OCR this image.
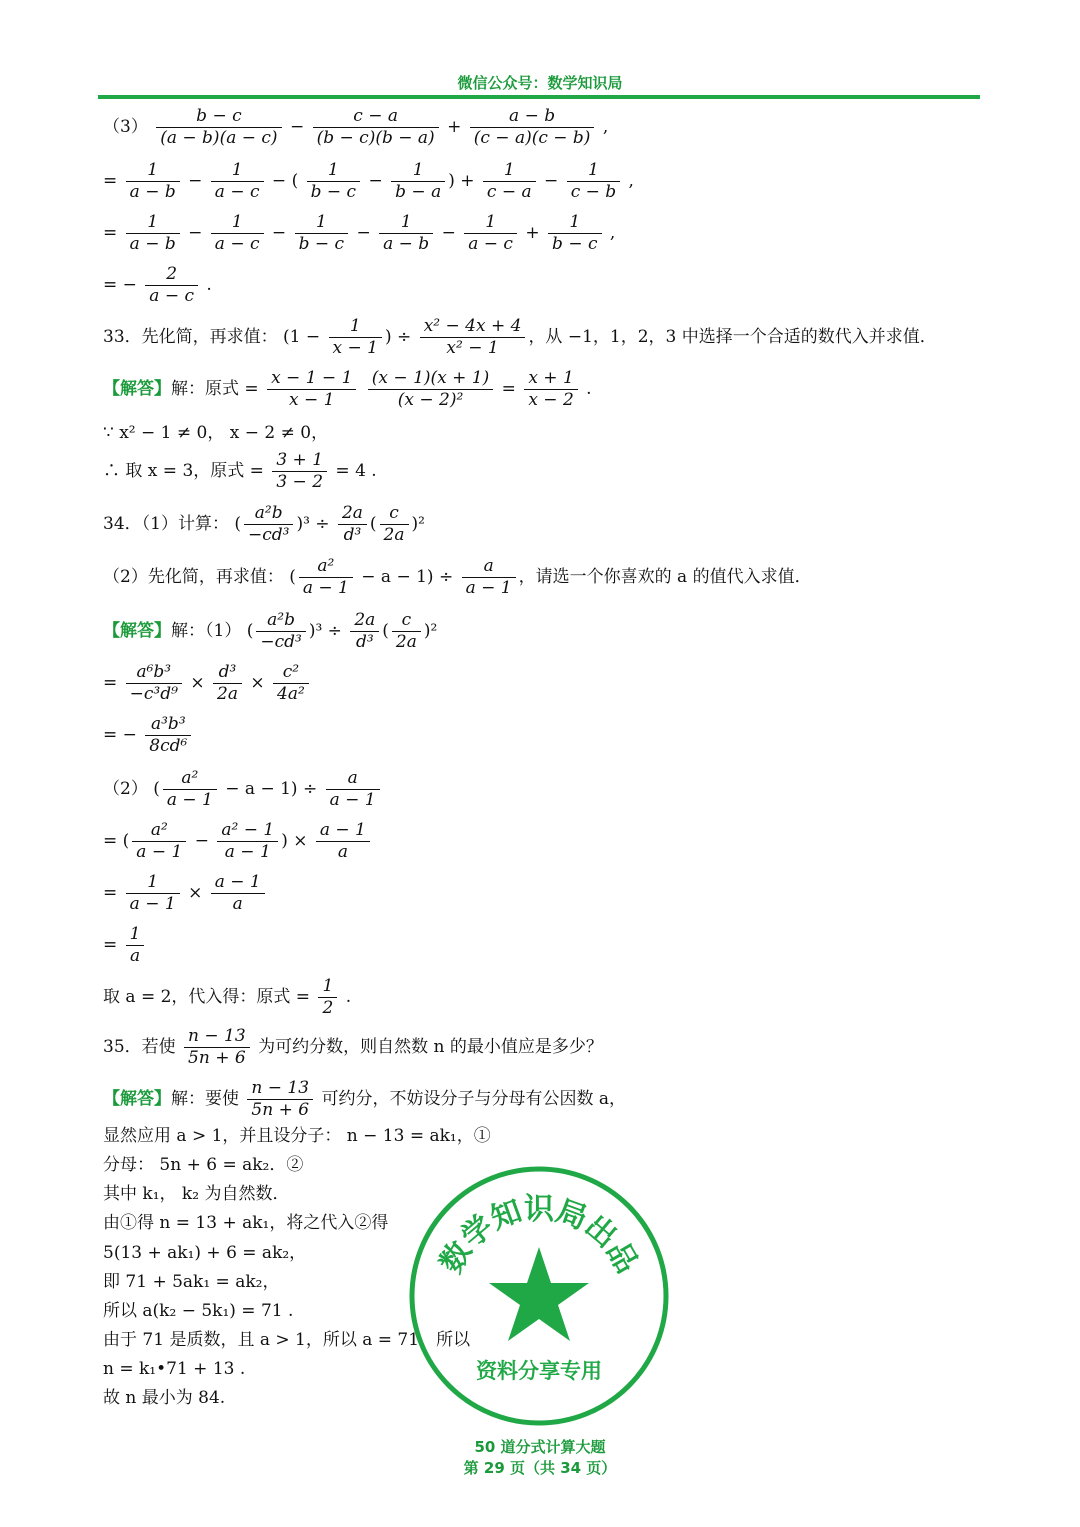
微信公众号：数学知识局
$(3) \frac{b - c}{(a - b)(a - c)} - \frac{c - a}{(b - c)(b - a)} + \frac{a - b}{(c - a)(c - b)}$ ,
= $\frac{1}{a - b} - \frac{1}{a - c}$ − ( $\frac{1}{b - c} - \frac{1}{b - a}$ ) + $\frac{1}{c - a} - \frac{1}{c - b}$ ,
= $\frac{1}{a - b} - \frac{1}{a - c} - \frac{1}{b - c} - \frac{1}{a - b} - \frac{1}{a - c} + \frac{1}{b - c}$ ,
= − $\frac{2}{a - c}$ .
33．先化简，再求值： ($1 - \frac{1}{x - 1}$ ) ÷ $\frac{\text{x² − 4x + 4}}{\text{x² − 1}}$ ，从 −1，1，2，3 中选择一个合适的数代入并求值．
【解答】解：原式 = $\frac{x - 1 - 1}{x - 1}$
$\frac{(x - 1)(x + 1)}{\text{(x − 2)²}} = \frac{x + 1}{x - 2}$ .
∵ x² − 1 ≠ 0， x − 2 ≠ 0，
∴ 取 x = 3，原式 = $\frac{3 + 1}{3 - 2} = 4$ .
34．（1）计算： ( $\frac{\text{a²b}}{\text{−cd³}} )^3 \div \frac{2a}{\text{d³}}$ ( $\frac{c}{2a} )^2$
（2）先化简，再求值： ( $\frac{\text{a²}}{a - 1} - a - 1) \div \frac{a}{a - 1}$ ，请选一个你喜欢的 a 的值代入求值．
【解答】解：（1） ( $\frac{\text{a²b}}{\text{−cd³}} )^3 \div \frac{2a}{\text{d³}}$ ( $\frac{c}{2a} )^2$
= $\frac{\text{a⁶b³}}{\text{−c³d⁹}} \times \frac{\text{d³}}{2a} \times \frac{\text{c²}}{\text{4a²}}$
= − $\frac{\text{a³b³}}{\text{8cd⁶}}$
（2） ( $\frac{\text{a²}}{a - 1} - a - 1) \div \frac{a}{a - 1}$
= ( $\frac{\text{a²}}{a - 1} - \frac{\text{a² − 1}}{a - 1}$ ) × $\frac{a - 1}{a}$
= $\frac{1}{a - 1} \times \frac{a - 1}{a}$
= $\frac{1}{a}$
取 a = 2，代入得：原式 = $\frac{1}{2}$ .
35．若使 $\frac{n - 13}{5n + 6}$ 为可约分数，则自然数 n 的最小值应是多少？
【解答】解：要使 $\frac{n - 13}{5n + 6}$ 可约分，不妨设分子与分母有公因数 a，
显然应用 a > 1，并且设分子： n − 13 = ak₁，①
分母： 5n + 6 = ak₂．②
其中 k₁， k₂ 为自然数．
由①得 n = 13 + ak₁，将之代入②得
5(13 + ak₁) + 6 = ak₂，
即 71 + 5ak₁ = ak₂，
所以 a(k₂ − 5k₁) = 71 .
由于 71 是质数，且 a > 1，所以 a = 71，所以
n = k₁•71 + 13 .
故 n 最小为 84.
数学知识局出品
资料分享专用
50 道分式计算大题
第 29 页（共 34 页）
